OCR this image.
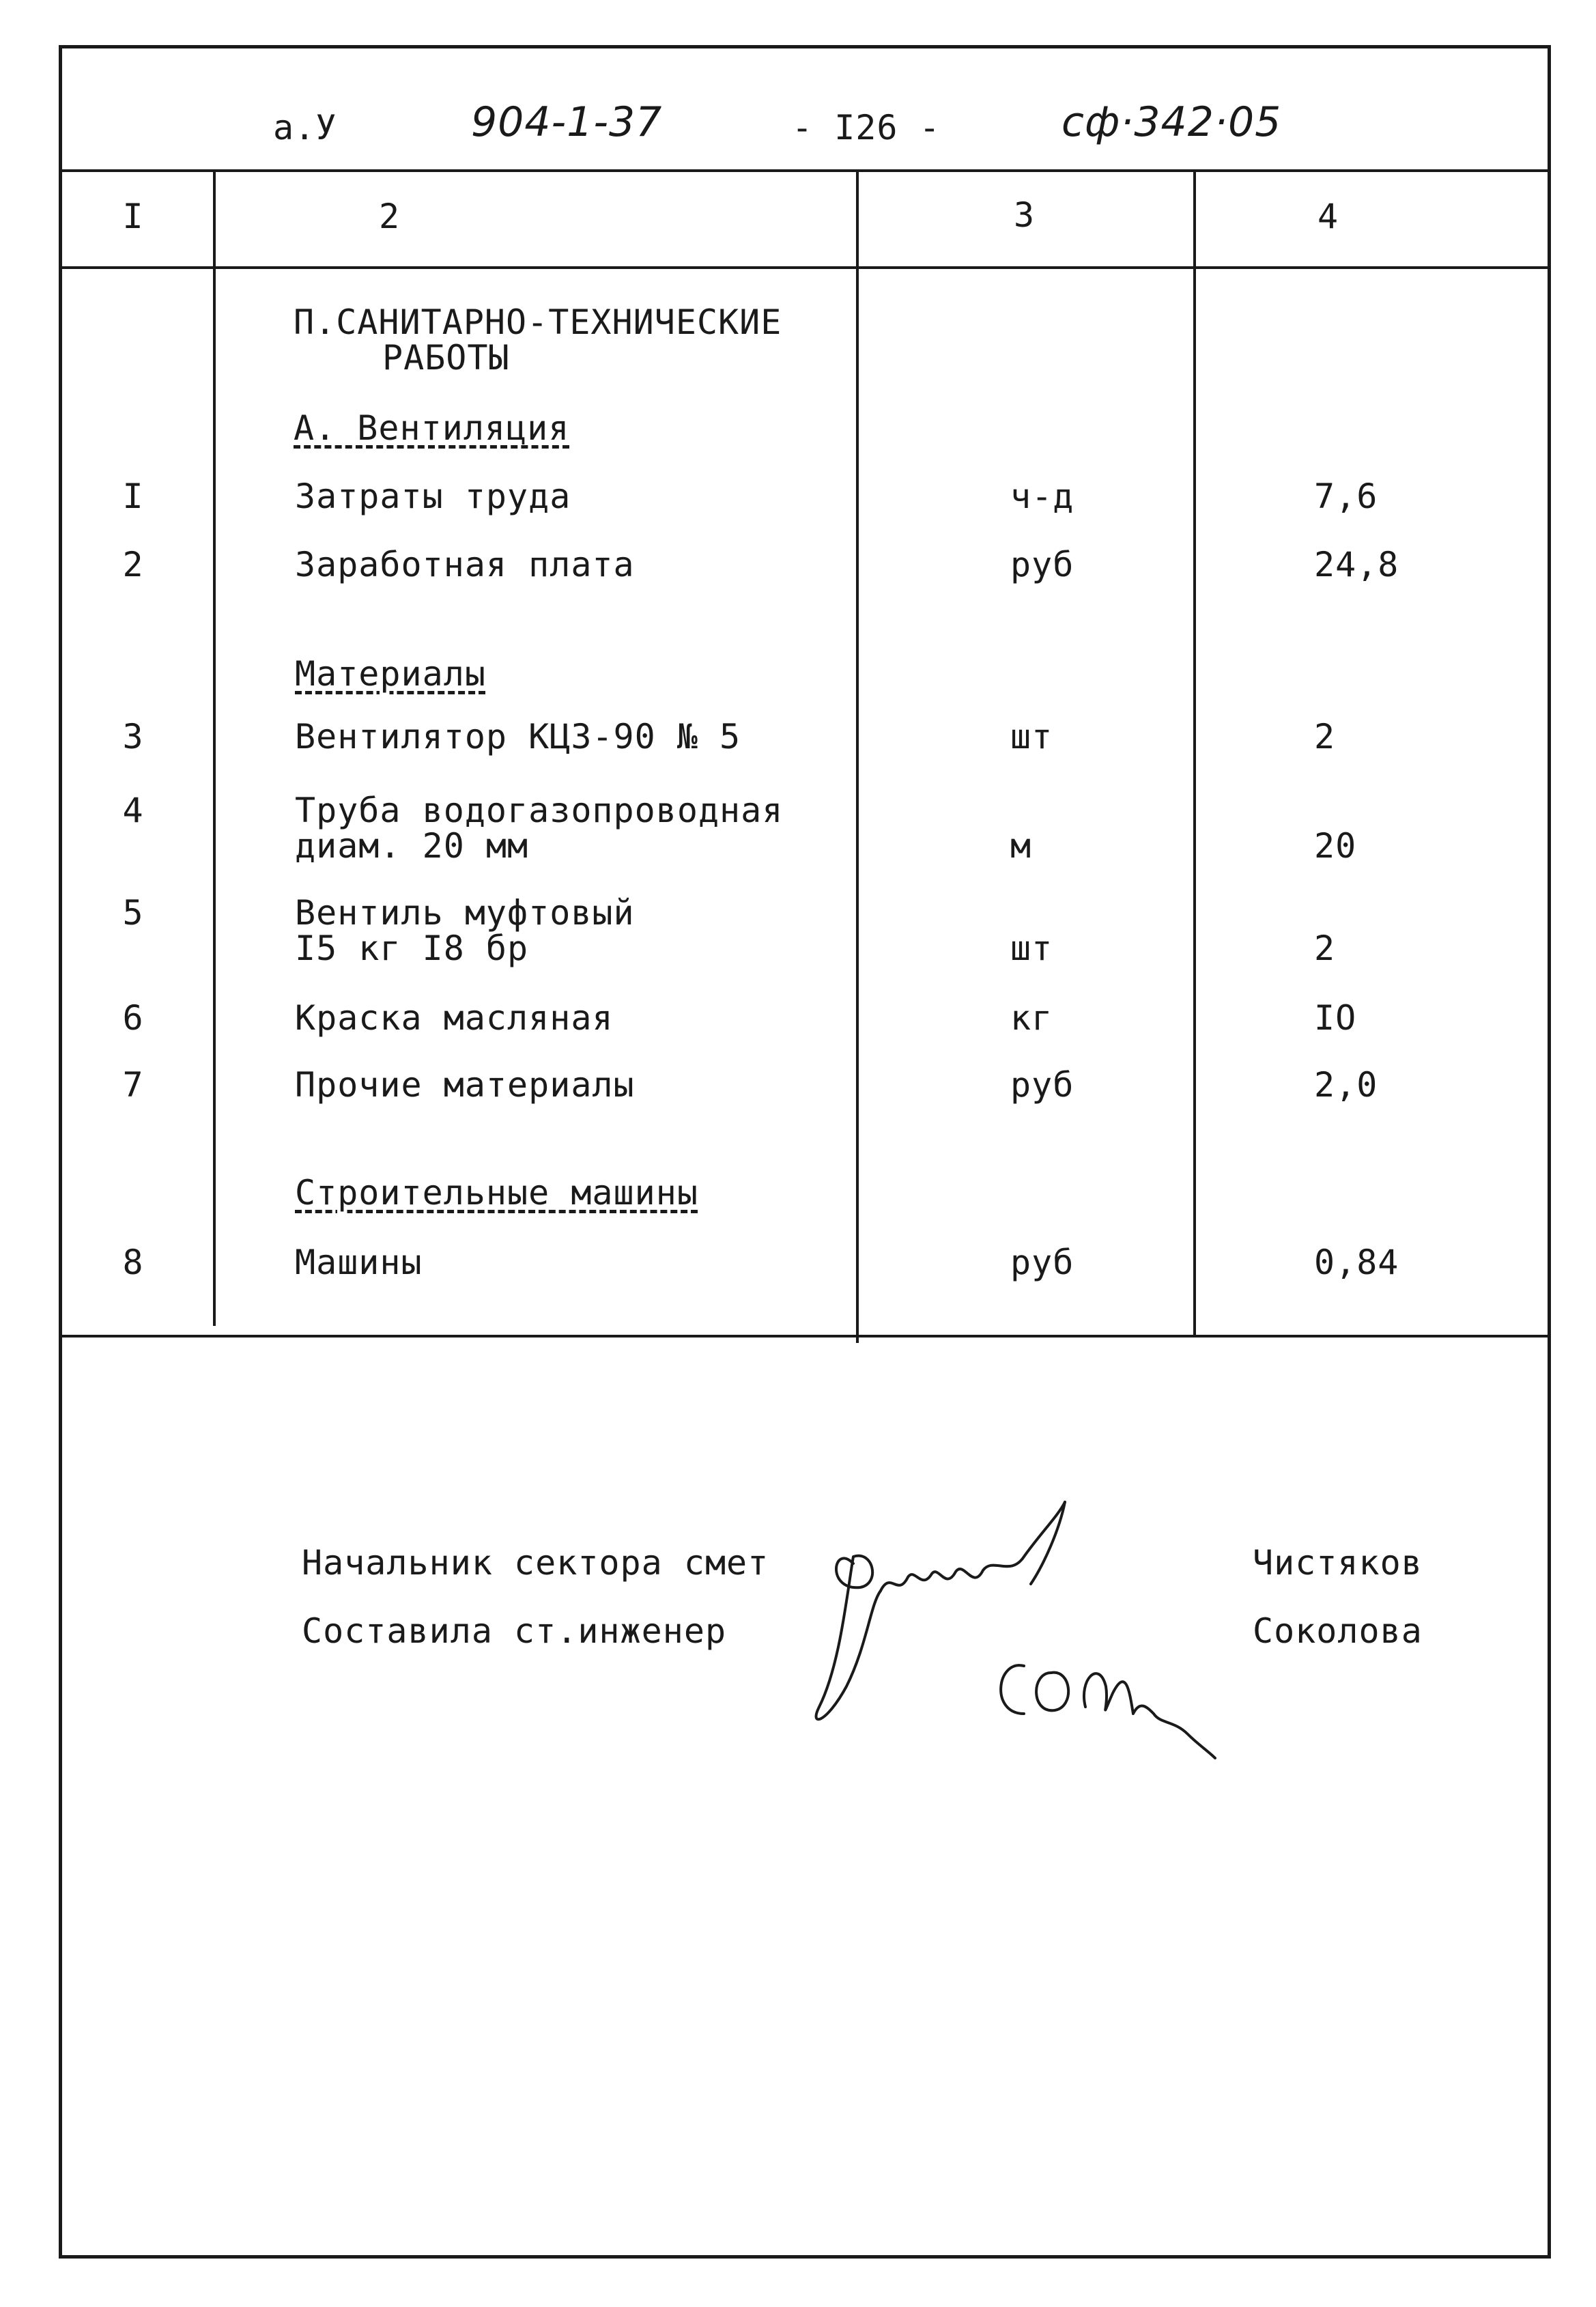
а.У	904-1-37	- I26 -	сф·342·05
I	2	3	4
П.САНИТАРНО-ТЕХНИЧЕСКИЕ
РАБОТЫ
А. Вентиляция
I	Затраты труда	ч-д	7,6
2	Заработная плата	руб	24,8
Материалы
3	Вентилятор КЦЗ-90 № 5	шт	2
4	Труба водогазопроводная
диам. 20 мм	м	20
5	Вентиль муфтовый
I5 кг I8 бр	шт	2
6	Краска масляная	кг	IO
7	Прочие материалы	руб	2,0
Строительные машины
8	Машины	руб	0,84
Начальник сектора смет	Чистяков
Составила ст.инженер	Соколова
